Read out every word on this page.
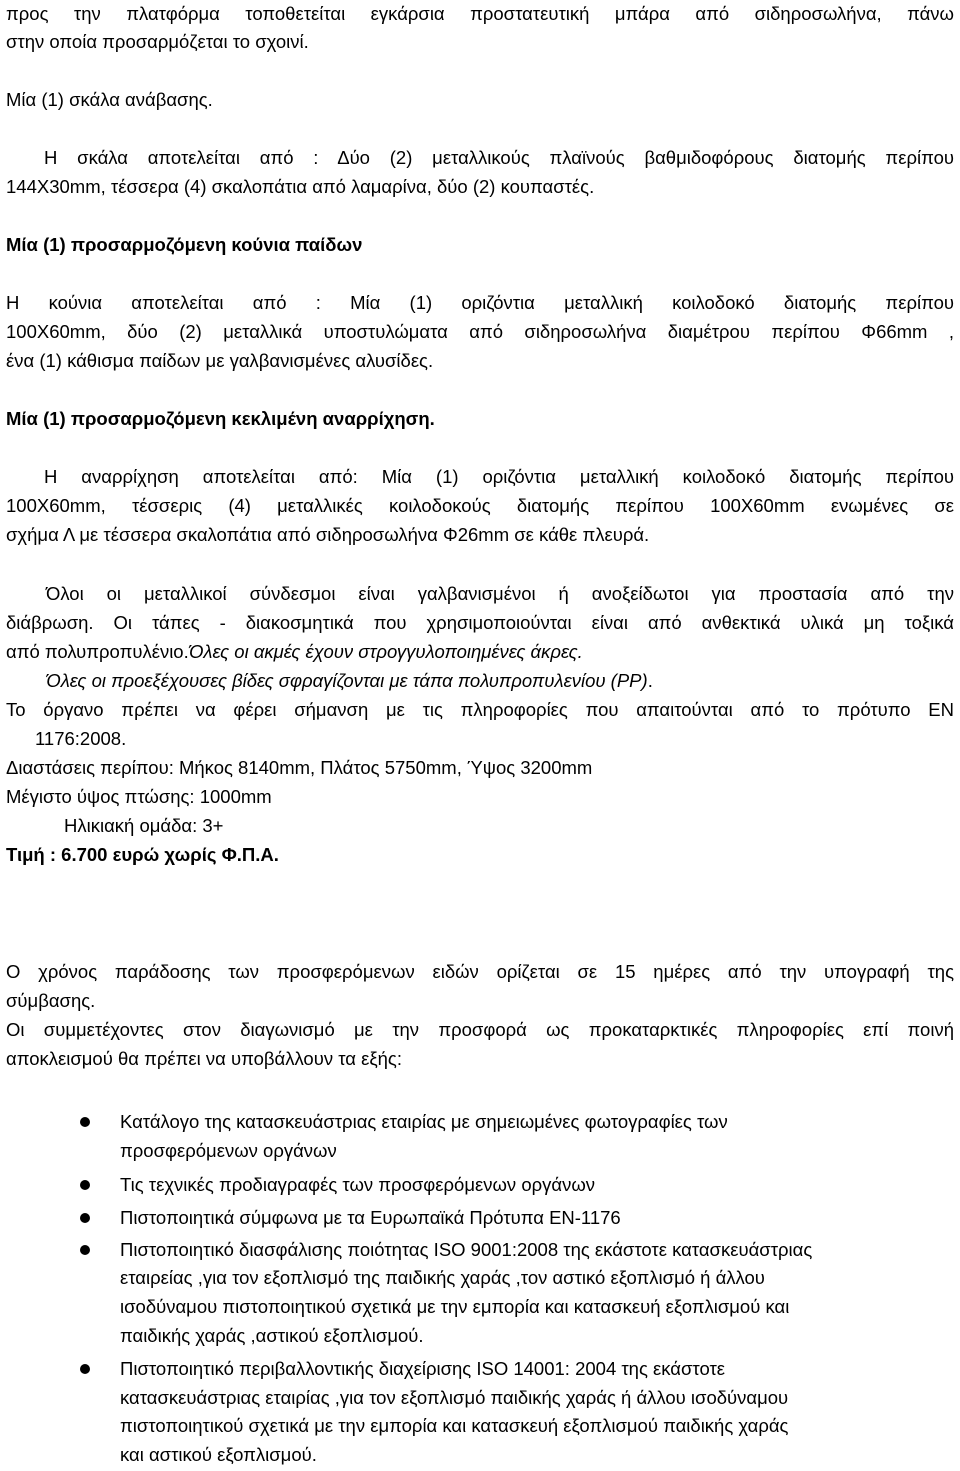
προς την πλατφόρμα τοποθετείται εγκάρσια προστατευτική μπάρα από σιδηροσωλήνα, πάνω
στην οποία προσαρμόζεται το σχοινί.
Μία (1) σκάλα ανάβασης.
Η σκάλα αποτελείται από : Δύο (2) μεταλλικούς πλαϊνούς βαθμιδοφόρους διατομής περίπου
144Χ30mm, τέσσερα (4) σκαλοπάτια από λαμαρίνα, δύο (2) κουπαστές.
Μία (1) προσαρμοζόμενη κούνια παίδων
Η κούνια αποτελείται από : Μία (1) οριζόντια μεταλλική κοιλοδοκό διατομής περίπου
100Χ60mm, δύο (2) μεταλλικά υποστυλώματα από σιδηροσωλήνα διαμέτρου περίπου Φ66mm ,
ένα (1) κάθισμα παίδων με γαλβανισμένες αλυσίδες.
Μία (1) προσαρμοζόμενη κεκλιμένη αναρρίχηση.
Η αναρρίχηση αποτελείται από: Μία (1) οριζόντια μεταλλική κοιλοδοκό διατομής περίπου
100Χ60mm, τέσσερις (4) μεταλλικές κοιλοδοκούς διατομής περίπου 100Χ60mm ενωμένες σε
σχήμα Λ με τέσσερα σκαλοπάτια από σιδηροσωλήνα Φ26mm σε κάθε πλευρά.
Όλοι οι μεταλλικοί σύνδεσμοι είναι γαλβανισμένοι ή ανοξείδωτοι για προστασία από την
διάβρωση. Οι τάπες - διακοσμητικά που χρησιμοποιούνται είναι από ανθεκτικά υλικά μη τοξικά
από πολυπροπυλένιο.Όλες οι ακμές έχουν στρογγυλοποιημένες άκρες.
Όλες οι προεξέχουσες βίδες σφραγίζονται με τάπα πολυπροπυλενίου (PP).
Το όργανο πρέπει να φέρει σήμανση με τις πληροφορίες που απαιτούνται από το πρότυπο EN
1176:2008.
Διαστάσεις περίπου: Μήκος 8140mm, Πλάτος 5750mm, Ύψος 3200mm
Μέγιστο ύψος πτώσης: 1000mm
Ηλικιακή ομάδα: 3+
Τιμή : 6.700 ευρώ χωρίς Φ.Π.Α.
Ο χρόνος παράδοσης των προσφερόμενων ειδών ορίζεται σε 15 ημέρες από την υπογραφή της
σύμβασης.
Οι συμμετέχοντες στον διαγωνισμό με την προσφορά ως προκαταρκτικές πληροφορίες επί ποινή
αποκλεισμού θα πρέπει να υποβάλλουν τα εξής:
Κατάλογο της κατασκευάστριας εταιρίας με σημειωμένες φωτογραφίες των
προσφερόμενων οργάνων
Τις τεχνικές προδιαγραφές των προσφερόμενων οργάνων
Πιστοποιητικά σύμφωνα με τα Ευρωπαϊκά Πρότυπα EN-1176
Πιστοποιητικό διασφάλισης ποιότητας ISO 9001:2008 της εκάστοτε κατασκευάστριας
εταιρείας ,για τον εξοπλισμό της παιδικής χαράς ,τον αστικό εξοπλισμό ή άλλου
ισοδύναμου πιστοποιητικού σχετικά με την εμπορία και κατασκευή εξοπλισμού και
παιδικής χαράς ,αστικού εξοπλισμού.
Πιστοποιητικό περιβαλλοντικής διαχείρισης ISO 14001: 2004 της εκάστοτε
κατασκευάστριας εταιρίας ,για τον εξοπλισμό παιδικής χαράς ή άλλου ισοδύναμου
πιστοποιητικού σχετικά με την εμπορία και κατασκευή εξοπλισμού παιδικής χαράς
και αστικού εξοπλισμού.
